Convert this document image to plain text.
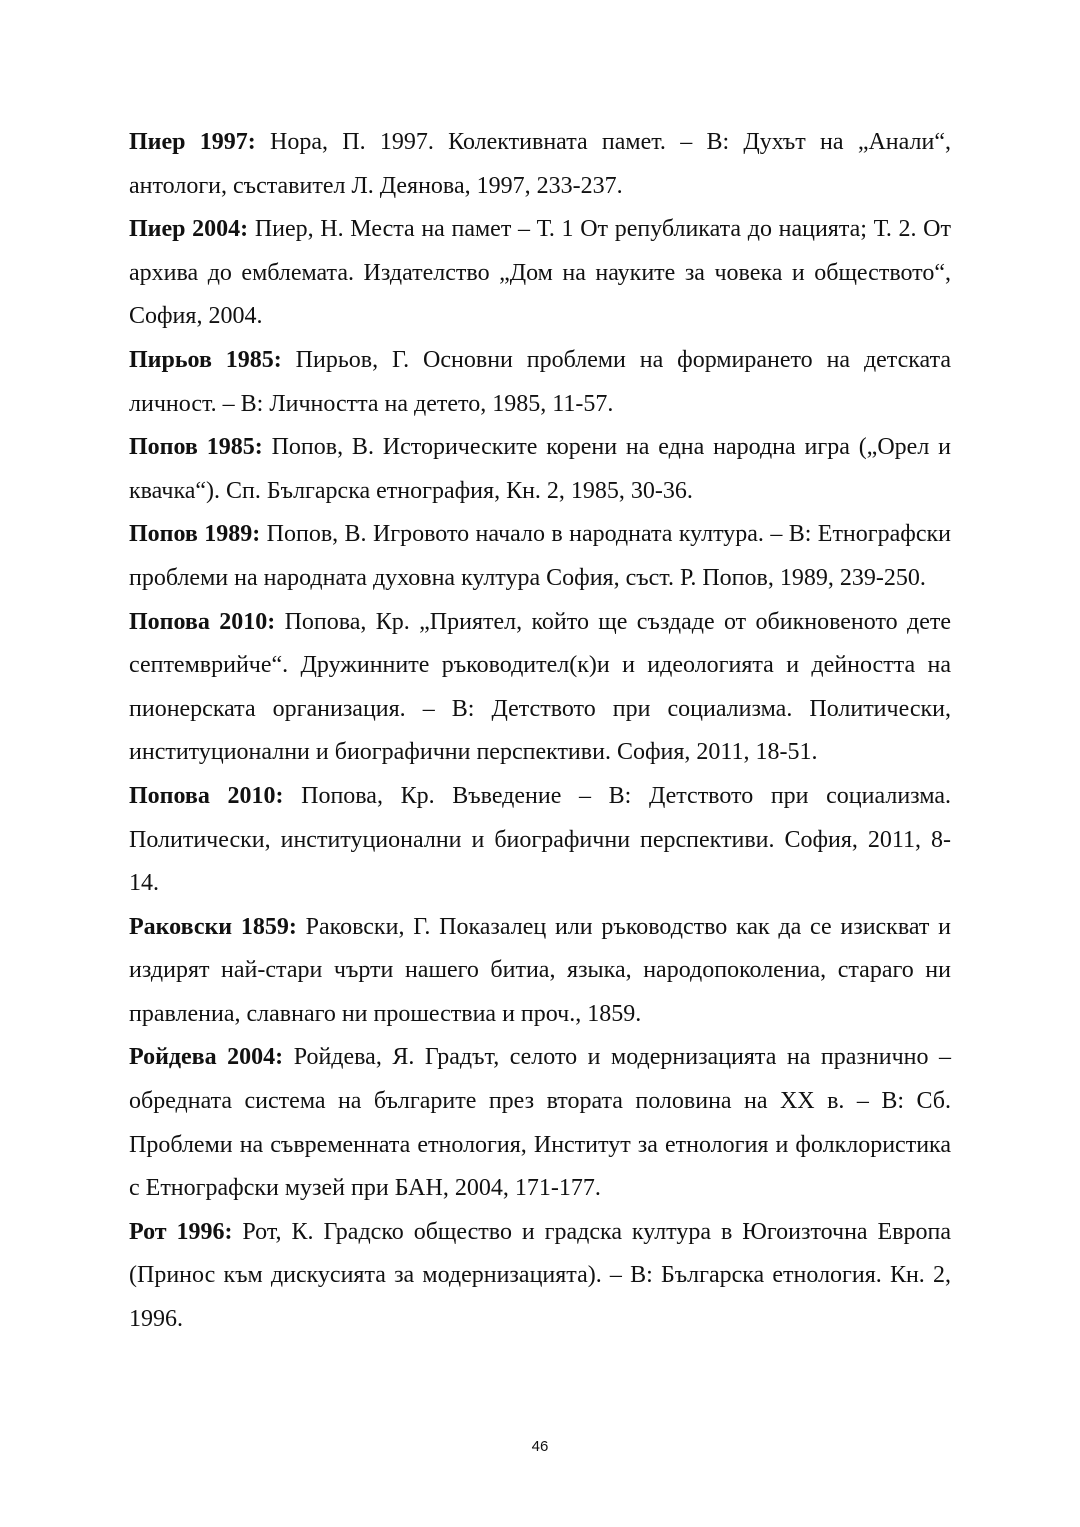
Пиер 1997: Нора, П. 1997. Колективната памет. – В: Духът на „Анали“, антологи, съставител Л. Деянова, 1997, 233-237.

Пиер 2004: Пиер, Н. Места на памет – Т. 1 От републиката до нацията; Т. 2. От архива до емблемата. Издателство „Дом на науките за човека и обществото“, София, 2004.

Пирьов 1985: Пирьов, Г. Основни проблеми на формирането на детската личност. – В: Личността на детето, 1985, 11-57.

Попов 1985: Попов, В. Историческите корени на една народна игра („Орел и квачка“). Сп. Българска етнография, Кн. 2, 1985, 30-36.

Попов 1989: Попов, В. Игровото начало в народната култура. – В: Етнографски проблеми на народната духовна култура София, съст. Р. Попов, 1989, 239-250.

Попова 2010: Попова, Кр. „Приятел, който ще създаде от обикновеното дете септемврийче“. Дружинните ръководител(к)и и идеологията и дейността на пионерската организация. – В: Детството при социализма. Политически, институционални и биографични перспективи. София, 2011, 18-51.

Попова 2010: Попова, Кр. Въведение – В: Детството при социализма. Политически, институционални и биографични перспективи. София, 2011, 8-14.

Раковски 1859: Раковски, Г. Показалец или ръководство как да се изискват и издирят най-стари чърти нашего битиа, языка, народопоколениа, стараго ни правлениа, славнаго ни прошествиа и проч., 1859.

Ройдева 2004: Ройдева, Я. Градът, селото и модернизацията на празнично – обредната система на българите през втората половина на XX в. – В: Сб. Проблеми на съвременната етнология, Институт за етнология и фолклористика с Етнографски музей при БАН, 2004, 171-177.

Рот 1996: Рот, К. Градско общество и градска култура в Югоизточна Европа (Принос към дискусията за модернизацията). – В: Българска етнология. Кн. 2, 1996.

46
